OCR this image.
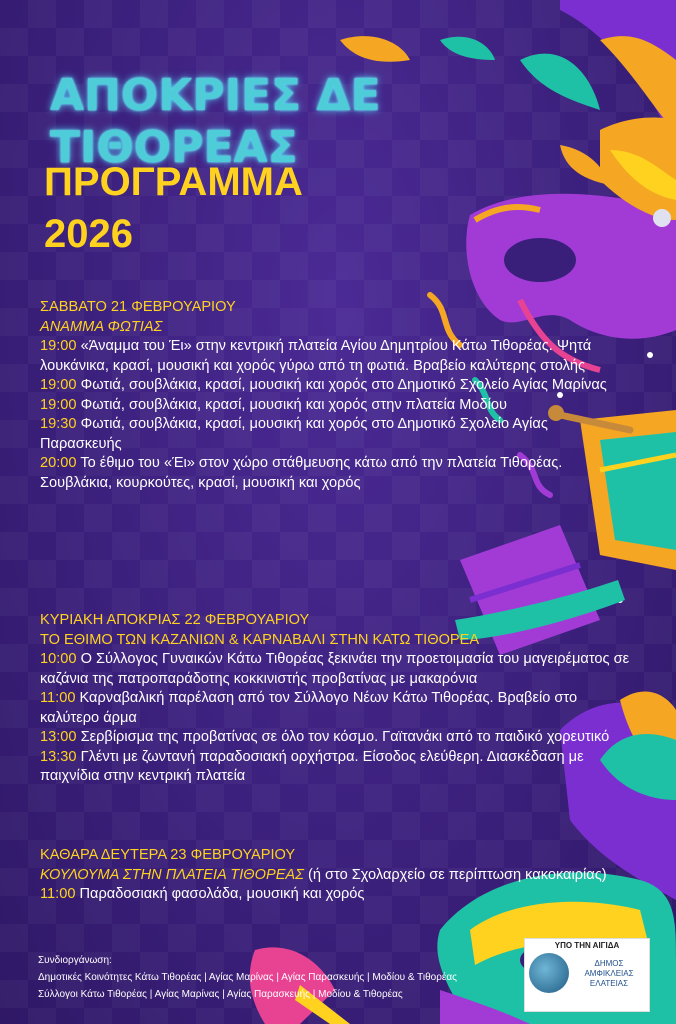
ΑΠΟΚΡΙΕΣ ΔΕ ΤΙΘΟΡΕΑΣ
ΠΡΟΓΡΑΜΜΑ
2026
ΣΑΒΒΑΤΟ 21 ΦΕΒΡΟΥΑΡΙΟΥ
ΑΝΑΜΜΑ ΦΩΤΙΑΣ
19:00 «Άναμμα του Έι» στην κεντρική πλατεία Αγίου Δημητρίου Κάτω Τιθορέας. Ψητά λουκάνικα, κρασί, μουσική και χορός γύρω από τη φωτιά. Βραβείο καλύτερης στολής
19:00 Φωτιά, σουβλάκια, κρασί, μουσική και χορός στο Δημοτικό Σχολείο Αγίας Μαρίνας
19:00 Φωτιά, σουβλάκια, κρασί, μουσική και χορός στην πλατεία Μοδίου
19:30 Φωτιά, σουβλάκια, κρασί, μουσική και χορός στο Δημοτικό Σχολείο Αγίας Παρασκευής
20:00 Το έθιμο του «Έι» στον χώρο στάθμευσης κάτω από την πλατεία Τιθορέας. Σουβλάκια, κουρκούτες, κρασί, μουσική και χορός
ΚΥΡΙΑΚΗ ΑΠΟΚΡΙΑΣ 22 ΦΕΒΡΟΥΑΡΙΟΥ
ΤΟ ΕΘΙΜΟ ΤΩΝ ΚΑΖΑΝΙΩΝ & ΚΑΡΝΑΒΑΛΙ ΣΤΗΝ ΚΑΤΩ ΤΙΘΟΡΕΑ
10:00 Ο Σύλλογος Γυναικών Κάτω Τιθορέας ξεκινάει την προετοιμασία του μαγειρέματος σε καζάνια της πατροπαράδοτης κοκκινιστής προβατίνας με μακαρόνια
11:00 Καρναβαλική παρέλαση από τον Σύλλογο Νέων Κάτω Τιθορέας. Βραβείο στο καλύτερο άρμα
13:00 Σερβίρισμα της προβατίνας σε όλο τον κόσμο. Γαϊτανάκι από το παιδικό χορευτικό
13:30 Γλέντι με ζωντανή παραδοσιακή ορχήστρα. Είσοδος ελεύθερη. Διασκέδαση με παιχνίδια στην κεντρική πλατεία
ΚΑΘΑΡΑ ΔΕΥΤΕΡΑ 23 ΦΕΒΡΟΥΑΡΙΟΥ
ΚΟΥΛΟΥΜΑ ΣΤΗΝ ΠΛΑΤΕΙΑ ΤΙΘΟΡΕΑΣ (ή στο Σχολαρχείο σε περίπτωση κακοκαιρίας)
11:00 Παραδοσιακή φασολάδα, μουσική και χορός
Συνδιοργάνωση:
Δημοτικές Κοινότητες Κάτω Τιθορέας | Αγίας Μαρίνας | Αγίας Παρασκευής | Μοδίου & Τιθορέας
Σύλλογοι Κάτω Τιθορέας | Αγίας Μαρίνας | Αγίας Παρασκευής | Μοδίου & Τιθορέας
ΥΠΟ ΤΗΝ ΑΙΓΙΔΑ
ΔΗΜΟΣ
ΑΜΦΙΚΛΕΙΑΣ
ΕΛΑΤΕΙΑΣ
